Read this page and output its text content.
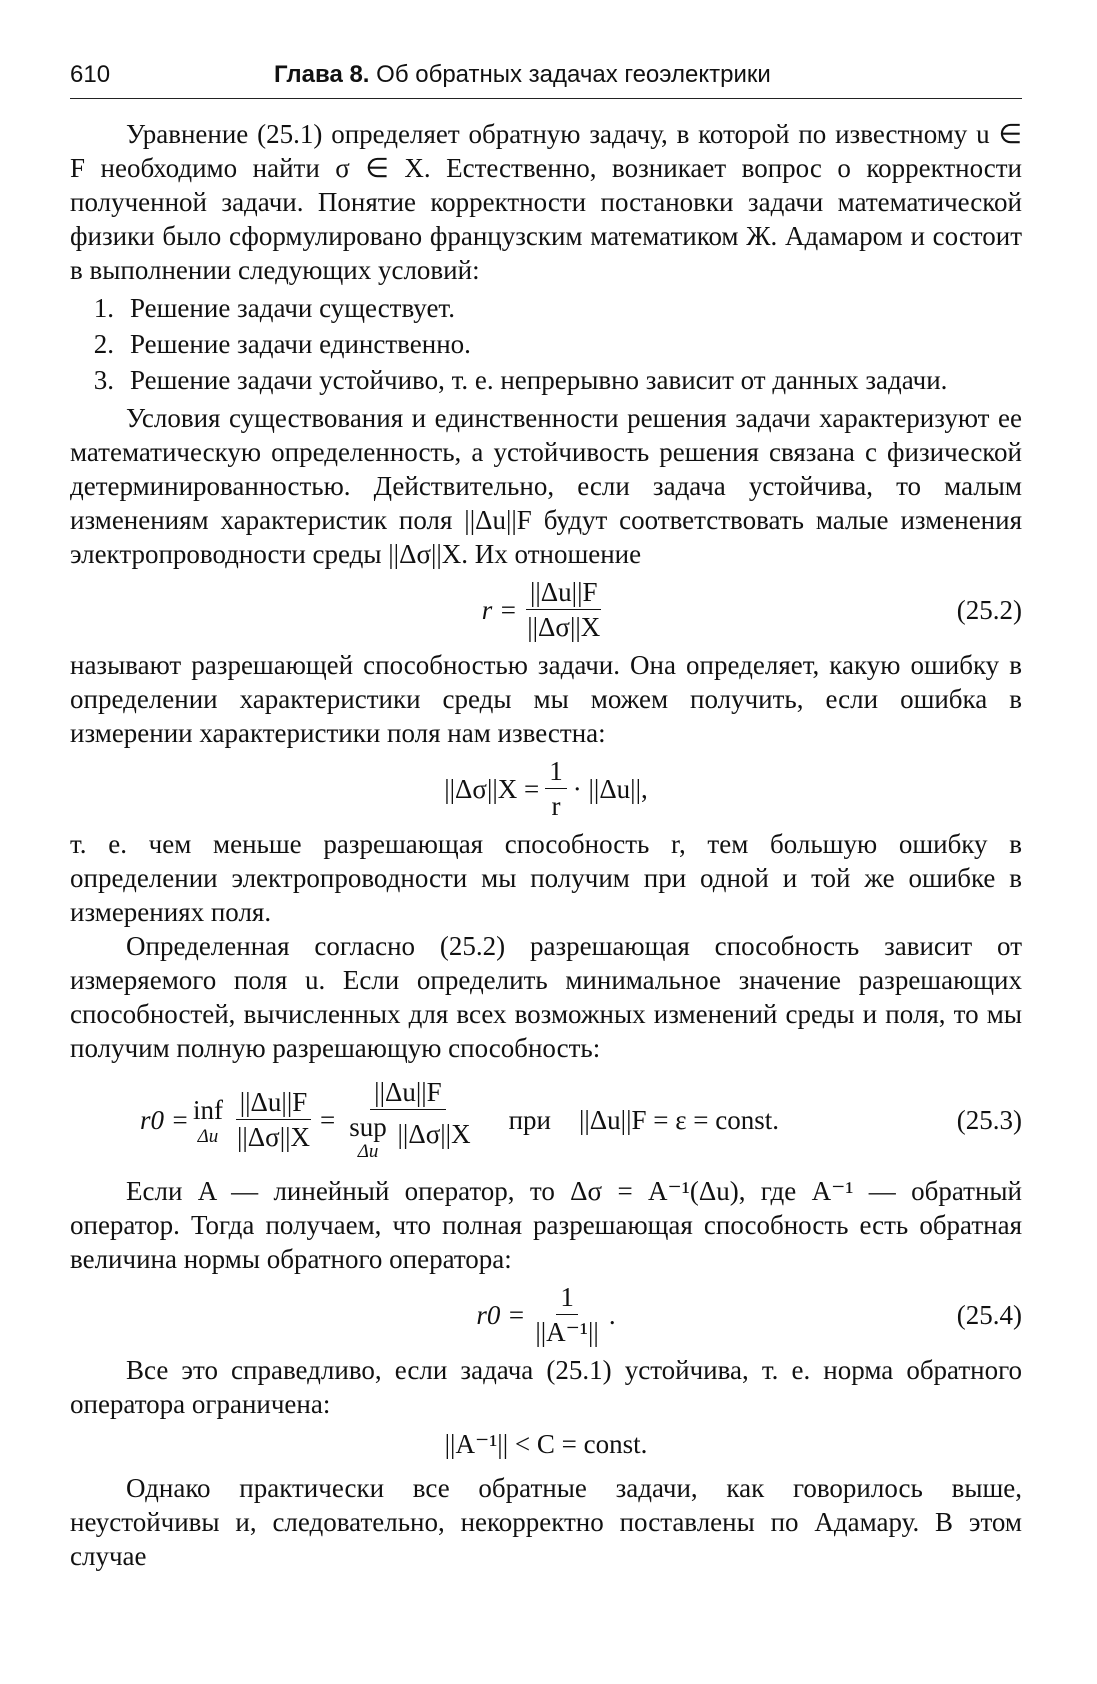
610	Глава 8. Об обратных задачах геоэлектрики

Уравнение (25.1) определяет обратную задачу, в которой по известному u ∈ F необходимо найти σ ∈ X. Естественно, возникает вопрос о корректности полученной задачи. Понятие корректности постановки задачи математической физики было сформулировано французским математиком Ж. Адамаром и состоит в выполнении следующих условий:

1. Решение задачи существует.
2. Решение задачи единственно.
3. Решение задачи устойчиво, т. е. непрерывно зависит от данных задачи.

Условия существования и единственности решения задачи характеризуют ее математическую определенность, а устойчивость решения связана с физической детерминированностью. Действительно, если задача устойчива, то малым изменениям характеристик поля ||Δu||F будут соответствовать малые изменения электропроводности среды ||Δσ||X. Их отношение

$r = \frac{||\Delta u||F}{||\Delta\sigma||X}$	(25.2)

называют разрешающей способностью задачи. Она определяет, какую ошибку в определении характеристики среды мы можем получить, если ошибка в измерении характеристики поля нам известна:

$||\Delta\sigma||X = \frac{1}{r} \cdot ||\Delta u||$,

т. е. чем меньше разрешающая способность r, тем большую ошибку в определении электропроводности мы получим при одной и той же ошибке в измерениях поля.

Определенная согласно (25.2) разрешающая способность зависит от измеряемого поля u. Если определить минимальное значение разрешающих способностей, вычисленных для всех возможных изменений среды и поля, то мы получим полную разрешающую способность:

r0 = inf
Δu $\frac{||\Delta u||F}{||\Delta\sigma||X} = ||\Delta u||F$
sup
Δu
||Δσ||X при ||Δu||F = ε = const.	(25.3)

Если A — линейный оператор, то Δσ = A⁻¹(Δu), где A⁻¹ — обратный оператор. Тогда получаем, что полная разрешающая способность есть обратная величина нормы обратного оператора:

$r0 = \frac{1}{\text{||A⁻¹||}}$ .	(25.4)

Все это справедливо, если задача (25.1) устойчива, т. е. норма обратного оператора ограничена:

||A⁻¹|| < C = const.

Однако практически все обратные задачи, как говорилось выше, неустойчивы и, следовательно, некорректно поставлены по Адамару. В этом случае
